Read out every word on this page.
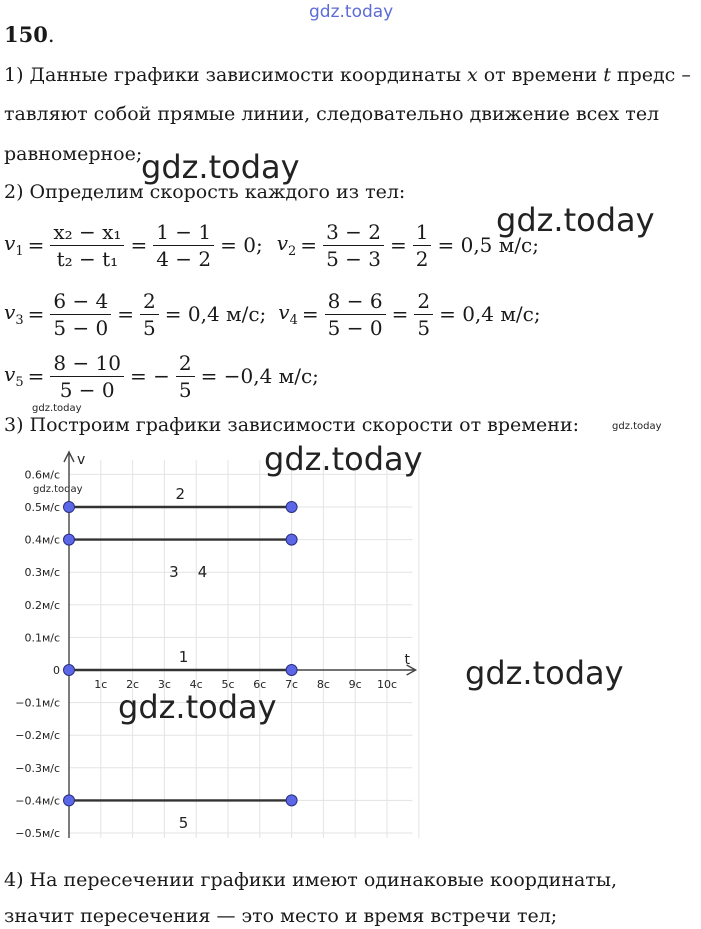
gdz.today
gdz.today
gdz.today
gdz.today
gdz.today
gdz.today
150.
1) Данные графики зависимости координаты x от времени t предс –
тавляют собой прямые линии, следовательно движение всех тел
равномерное;
2) Определим скорость каждого из тел:
$v_1 = \frac{\text{x₂ − x₁}}{\text{t₂ − t₁}} = \frac{1 - 1}{4 - 2} = 0$; $v_2 = \frac{3 - 2}{5 - 3} = \frac{1}{2} = 0,5$ м/с;
$v_3 = \frac{6 - 4}{5 - 0} = \frac{2}{5} = 0,4$ м/с; $v_4 = \frac{8 - 6}{5 - 0} = \frac{2}{5} = 0,4$ м/с;
$v_5 = \frac{8 - 10}{5 - 0}$ = − $\frac{2}{5} = -0,4$ м/с;
3) Построим графики зависимости скорости от времени:
v
t
0.6м/с
0.5м/с
0.4м/с
0.3м/с
0.2м/с
0.1м/с
0
−0.1м/с
−0.2м/с
−0.3м/с
−0.4м/с
−0.5м/с
1c 2c 3c 4c 5c 6c 7c 8c 9c 10c
2
3 4
1
5
gdz.today
gdz.today
gdz.today
4) На пересечении графики имеют одинаковые координаты,
значит пересечения — это место и время встречи тел;
